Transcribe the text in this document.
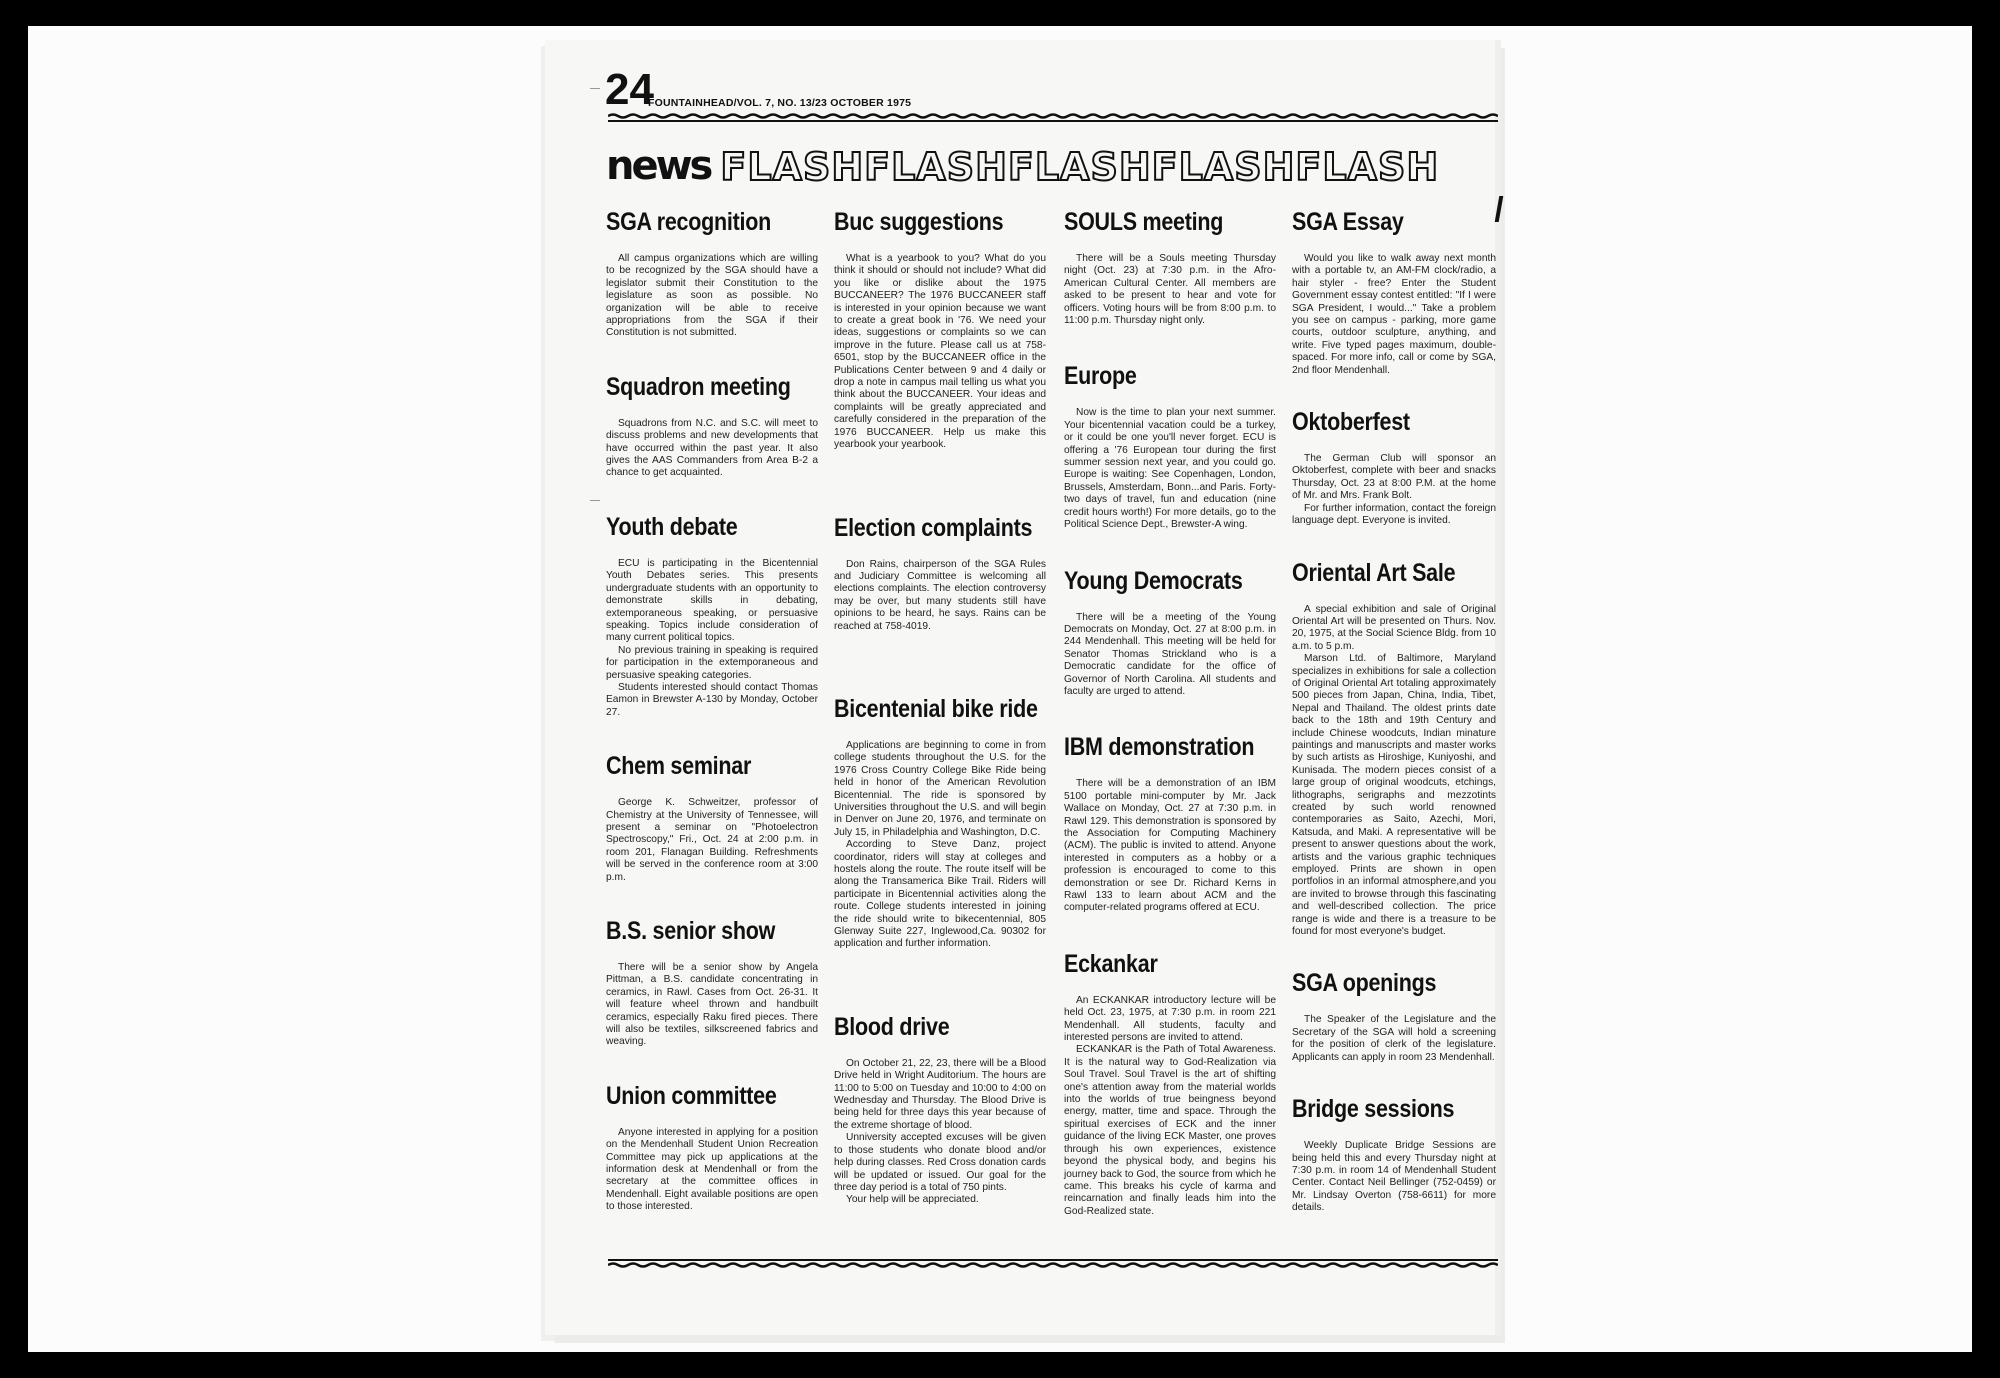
24
FOUNTAINHEAD/VOL. 7, NO. 13/23 OCTOBER 1975
news FLASHFLASHFLASHFLASHFLASH
SGA recognition

All campus organizations which are willing to be recognized by the SGA should have a legislator submit their Constitution to the legislature as soon as possible. No organization will be able to receive appropriations from the SGA if their Constitution is not submitted.

Squadron meeting

Squadrons from N.C. and S.C. will meet to discuss problems and new developments that have occurred within the past year. It also gives the AAS Commanders from Area B-2 a chance to get acquainted.

Youth debate

ECU is participating in the Bicentennial Youth Debates series. This presents undergraduate students with an opportunity to demonstrate skills in debating, extemporaneous speaking, or persuasive speaking. Topics include consideration of many current political topics.

No previous training in speaking is required for participation in the extemporaneous and persuasive speaking categories.

Students interested should contact Thomas Eamon in Brewster A-130 by Monday, October 27.

Chem seminar

George K. Schweitzer, professor of Chemistry at the University of Tennessee, will present a seminar on "Photoelectron Spectroscopy," Fri., Oct. 24 at 2:00 p.m. in room 201, Flanagan Building. Refreshments will be served in the conference room at 3:00 p.m.

B.S. senior show

There will be a senior show by Angela Pittman, a B.S. candidate concentrating in ceramics, in Rawl. Cases from Oct. 26-31. It will feature wheel thrown and handbuilt ceramics, especially Raku fired pieces. There will also be textiles, silkscreened fabrics and weaving.

Union committee

Anyone interested in applying for a position on the Mendenhall Student Union Recreation Committee may pick up applications at the information desk at Mendenhall or from the secretary at the committee offices in Mendenhall. Eight available positions are open to those interested.

Buc suggestions

What is a yearbook to you? What do you think it should or should not include? What did you like or dislike about the 1975 BUCCANEER? The 1976 BUCCANEER staff is interested in your opinion because we want to create a great book in '76. We need your ideas, suggestions or complaints so we can improve in the future. Please call us at 758-6501, stop by the BUCCANEER office in the Publications Center between 9 and 4 daily or drop a note in campus mail telling us what you think about the BUCCANEER. Your ideas and complaints will be greatly appreciated and carefully considered in the preparation of the 1976 BUCCANEER. Help us make this yearbook your yearbook.

Election complaints

Don Rains, chairperson of the SGA Rules and Judiciary Committee is welcoming all elections complaints. The election controversy may be over, but many students still have opinions to be heard, he says. Rains can be reached at 758-4019.

Bicentenial bike ride

Applications are beginning to come in from college students throughout the U.S. for the 1976 Cross Country College Bike Ride being held in honor of the American Revolution Bicentennial. The ride is sponsored by Universities throughout the U.S. and will begin in Denver on June 20, 1976, and terminate on July 15, in Philadelphia and Washington, D.C.

According to Steve Danz, project coordinator, riders will stay at colleges and hostels along the route. The route itself will be along the Transamerica Bike Trail. Riders will participate in Bicentennial activities along the route. College students interested in joining the ride should write to bikecentennial, 805 Glenway Suite 227, Inglewood,Ca. 90302 for application and further information.

Blood drive

On October 21, 22, 23, there will be a Blood Drive held in Wright Auditorium. The hours are 11:00 to 5:00 on Tuesday and 10:00 to 4:00 on Wednesday and Thursday. The Blood Drive is being held for three days this year because of the extreme shortage of blood.

Unniversity accepted excuses will be given to those students who donate blood and/or help during classes. Red Cross donation cards will be updated or issued. Our goal for the three day period is a total of 750 pints.

Your help will be appreciated.

SOULS meeting

There will be a Souls meeting Thursday night (Oct. 23) at 7:30 p.m. in the Afro-American Cultural Center. All members are asked to be present to hear and vote for officers. Voting hours will be from 8:00 p.m. to 11:00 p.m. Thursday night only.

Europe

Now is the time to plan your next summer. Your bicentennial vacation could be a turkey, or it could be one you'll never forget. ECU is offering a '76 European tour during the first summer session next year, and you could go. Europe is waiting: See Copenhagen, London, Brussels, Amsterdam, Bonn...and Paris. Forty-two days of travel, fun and education (nine credit hours worth!) For more details, go to the Political Science Dept., Brewster-A wing.

Young Democrats

There will be a meeting of the Young Democrats on Monday, Oct. 27 at 8:00 p.m. in 244 Mendenhall. This meeting will be held for Senator Thomas Strickland who is a Democratic candidate for the office of Governor of North Carolina. All students and faculty are urged to attend.

IBM demonstration

There will be a demonstration of an IBM 5100 portable mini-computer by Mr. Jack Wallace on Monday, Oct. 27 at 7:30 p.m. in Rawl 129. This demonstration is sponsored by the Association for Computing Machinery (ACM). The public is invited to attend. Anyone interested in computers as a hobby or a profession is encouraged to come to this demonstration or see Dr. Richard Kerns in Rawl 133 to learn about ACM and the computer-related programs offered at ECU.

Eckankar

An ECKANKAR introductory lecture will be held Oct. 23, 1975, at 7:30 p.m. in room 221 Mendenhall. All students, faculty and interested persons are invited to attend.

ECKANKAR is the Path of Total Awareness. It is the natural way to God-Realization via Soul Travel. Soul Travel is the art of shifting one's attention away from the material worlds into the worlds of true beingness beyond energy, matter, time and space. Through the spiritual exercises of ECK and the inner guidance of the living ECK Master, one proves through his own experiences, existence beyond the physical body, and begins his journey back to God, the source from which he came. This breaks his cycle of karma and reincarnation and finally leads him into the God-Realized state.

SGA Essay

Would you like to walk away next month with a portable tv, an AM-FM clock/radio, a hair styler - free? Enter the Student Government essay contest entitled: "If I were SGA President, I would..." Take a problem you see on campus - parking, more game courts, outdoor sculpture, anything, and write. Five typed pages maximum, double-spaced. For more info, call or come by SGA, 2nd floor Mendenhall.

Oktoberfest

The German Club will sponsor an Oktoberfest, complete with beer and snacks Thursday, Oct. 23 at 8:00 P.M. at the home of Mr. and Mrs. Frank Bolt.

For further information, contact the foreign language dept. Everyone is invited.

Oriental Art Sale

A special exhibition and sale of Original Oriental Art will be presented on Thurs. Nov. 20, 1975, at the Social Science Bldg. from 10 a.m. to 5 p.m.

Marson Ltd. of Baltimore, Maryland specializes in exhibitions for sale a collection of Original Oriental Art totaling approximately 500 pieces from Japan, China, India, Tibet, Nepal and Thailand. The oldest prints date back to the 18th and 19th Century and include Chinese woodcuts, Indian minature paintings and manuscripts and master works by such artists as Hiroshige, Kuniyoshi, and Kunisada. The modern pieces consist of a large group of original woodcuts, etchings, lithographs, serigraphs and mezzotints created by such world renowned contemporaries as Saito, Azechi, Mori, Katsuda, and Maki. A representative will be present to answer questions about the work, artists and the various graphic techniques employed. Prints are shown in open portfolios in an informal atmosphere,and you are invited to browse through this fascinating and well-described collection. The price range is wide and there is a treasure to be found for most everyone's budget.

SGA openings

The Speaker of the Legislature and the Secretary of the SGA will hold a screening for the position of clerk of the legislature. Applicants can apply in room 23 Mendenhall.

Bridge sessions

Weekly Duplicate Bridge Sessions are being held this and every Thursday night at 7:30 p.m. in room 14 of Mendenhall Student Center. Contact Neil Bellinger (752-0459) or Mr. Lindsay Overton (758-6611) for more details.
